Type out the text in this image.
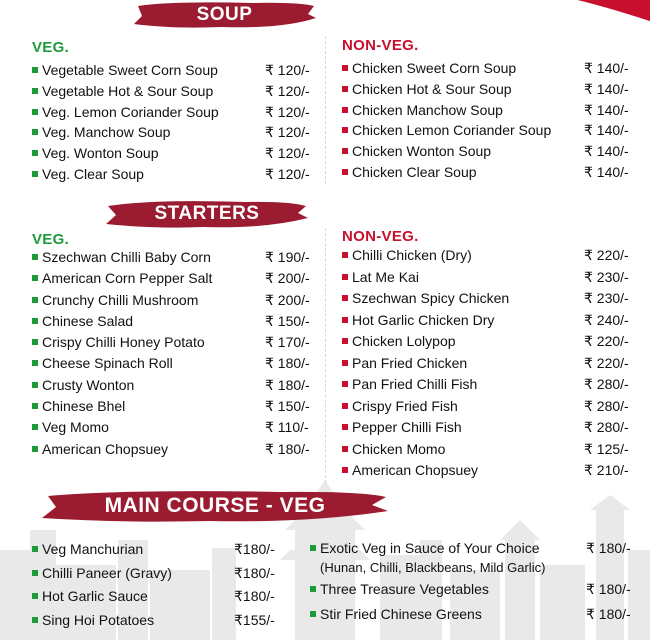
SOUP
VEG.	NON-VEG.
Vegetable Sweet Corn Soup	₹ 120/-
Vegetable Hot & Sour Soup	₹ 120/-
Veg. Lemon Coriander Soup	₹ 120/-
Veg. Manchow Soup	₹ 120/-
Veg. Wonton Soup	₹ 120/-
Veg. Clear Soup	₹ 120/-
Chicken Sweet Corn Soup	₹ 140/-
Chicken Hot & Sour Soup	₹ 140/-
Chicken Manchow Soup	₹ 140/-
Chicken Lemon Coriander Soup ₹ 140/-
Chicken Wonton Soup	₹ 140/-
Chicken Clear Soup	₹ 140/-
STARTERS
VEG.	NON-VEG.
Szechwan Chilli Baby Corn	₹ 190/-
American Corn Pepper Salt	₹ 200/-
Crunchy Chilli Mushroom	₹ 200/-
Chinese Salad	₹ 150/-
Crispy Chilli Honey Potato	₹ 170/-
Cheese Spinach Roll	₹ 180/-
Crusty Wonton	₹ 180/-
Chinese Bhel	₹ 150/-
Veg Momo	₹ 110/-
American Chopsuey	₹ 180/-
Chilli Chicken (Dry)	₹ 220/-
Lat Me Kai	₹ 230/-
Szechwan Spicy Chicken	₹ 230/-
Hot Garlic Chicken Dry	₹ 240/-
Chicken Lolypop	₹ 220/-
Pan Fried Chicken	₹ 220/-
Pan Fried Chilli Fish	₹ 280/-
Crispy Fried Fish	₹ 280/-
Pepper Chilli Fish	₹ 280/-
Chicken Momo	₹ 125/-
American Chopsuey	₹ 210/-
MAIN COURSE - VEG
Veg Manchurian	₹180/-
Chilli Paneer (Gravy)	₹180/-
Hot Garlic Sauce	₹180/-
Sing Hoi Potatoes	₹155/-
Exotic Veg in Sauce of Your Choice
(Hunan, Chilli, Blackbeans, Mild Garlic)
₹ 180/-
Three Treasure Vegetables	₹ 180/-
Stir Fried Chinese Greens	₹ 180/-
